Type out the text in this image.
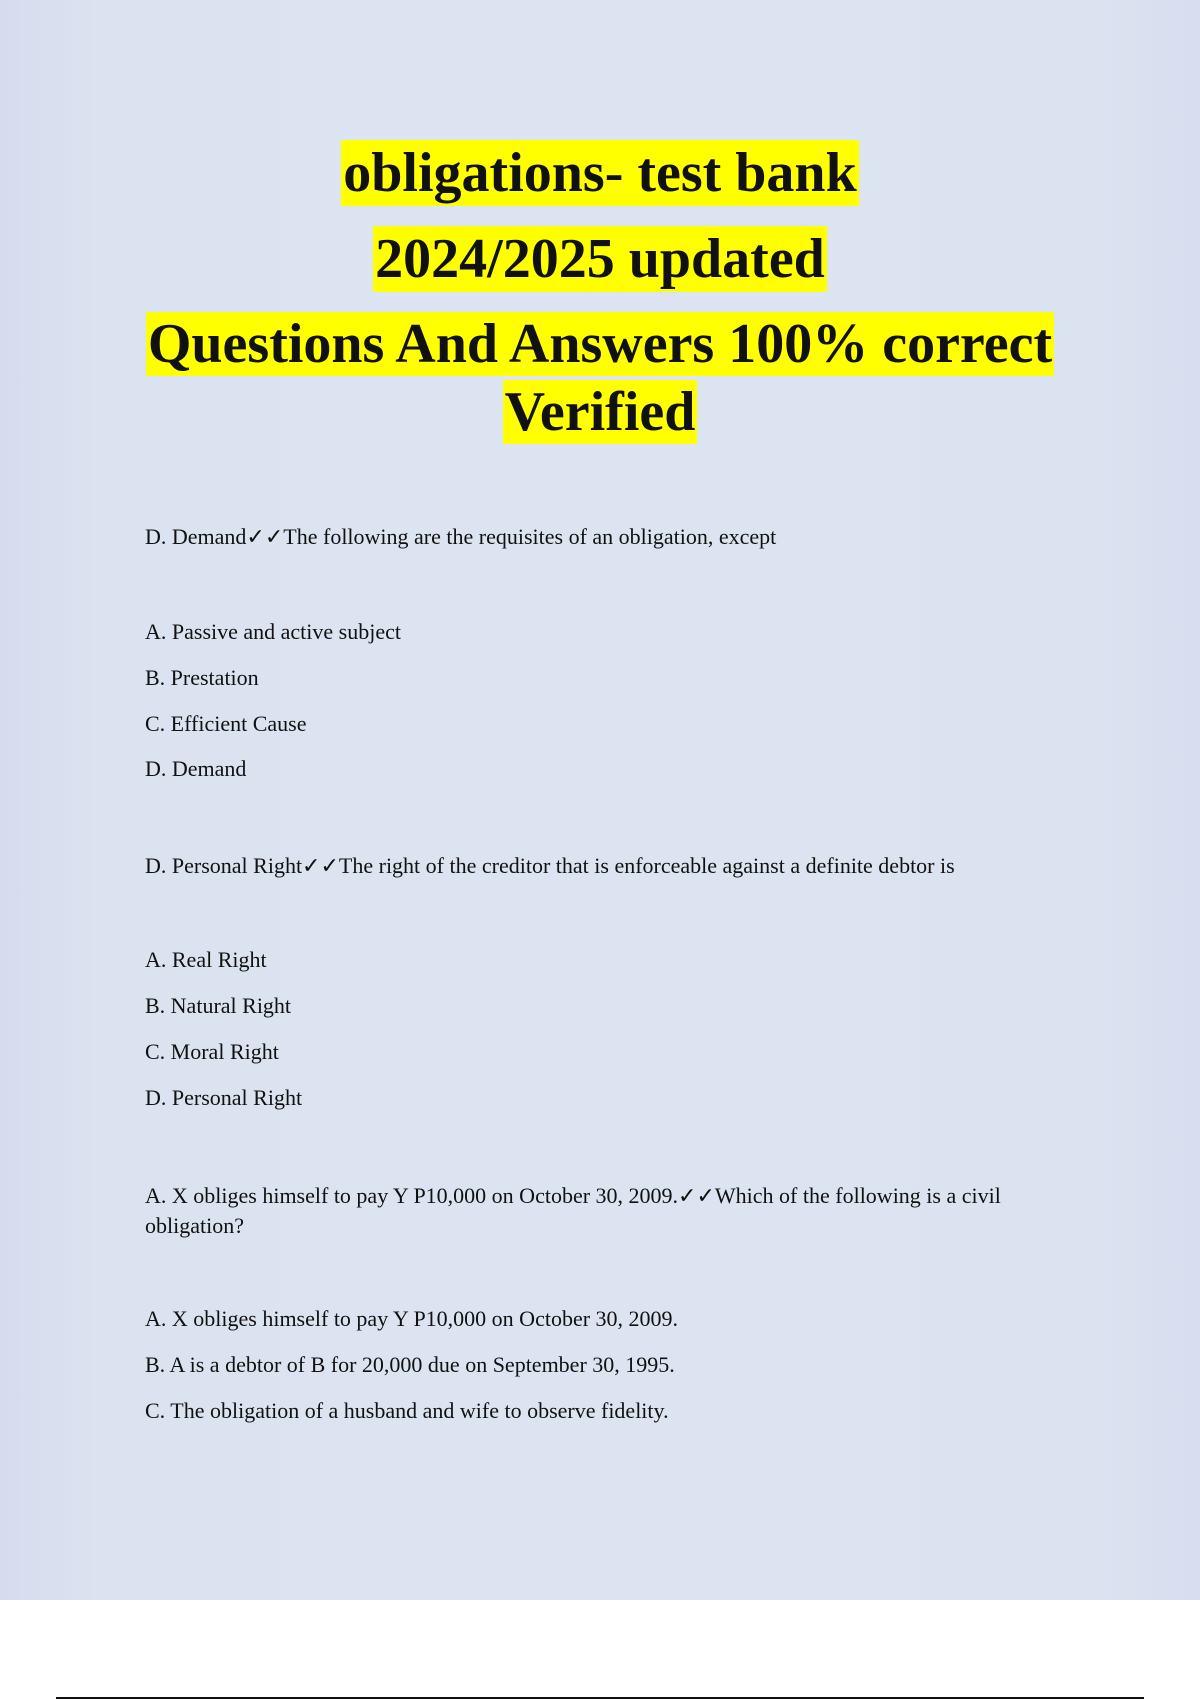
obligations- test bank
2024/2025 updated
Questions And Answers 100% correct
Verified
D. Demand✓✓The following are the requisites of an obligation, except
A. Passive and active subject
B. Prestation
C. Efficient Cause
D. Demand
D. Personal Right✓✓The right of the creditor that is enforceable against a definite debtor is
A. Real Right
B. Natural Right
C. Moral Right
D. Personal Right
A. X obliges himself to pay Y P10,000 on October 30, 2009.✓✓Which of the following is a civil obligation?
A. X obliges himself to pay Y P10,000 on October 30, 2009.
B. A is a debtor of B for 20,000 due on September 30, 1995.
C. The obligation of a husband and wife to observe fidelity.
